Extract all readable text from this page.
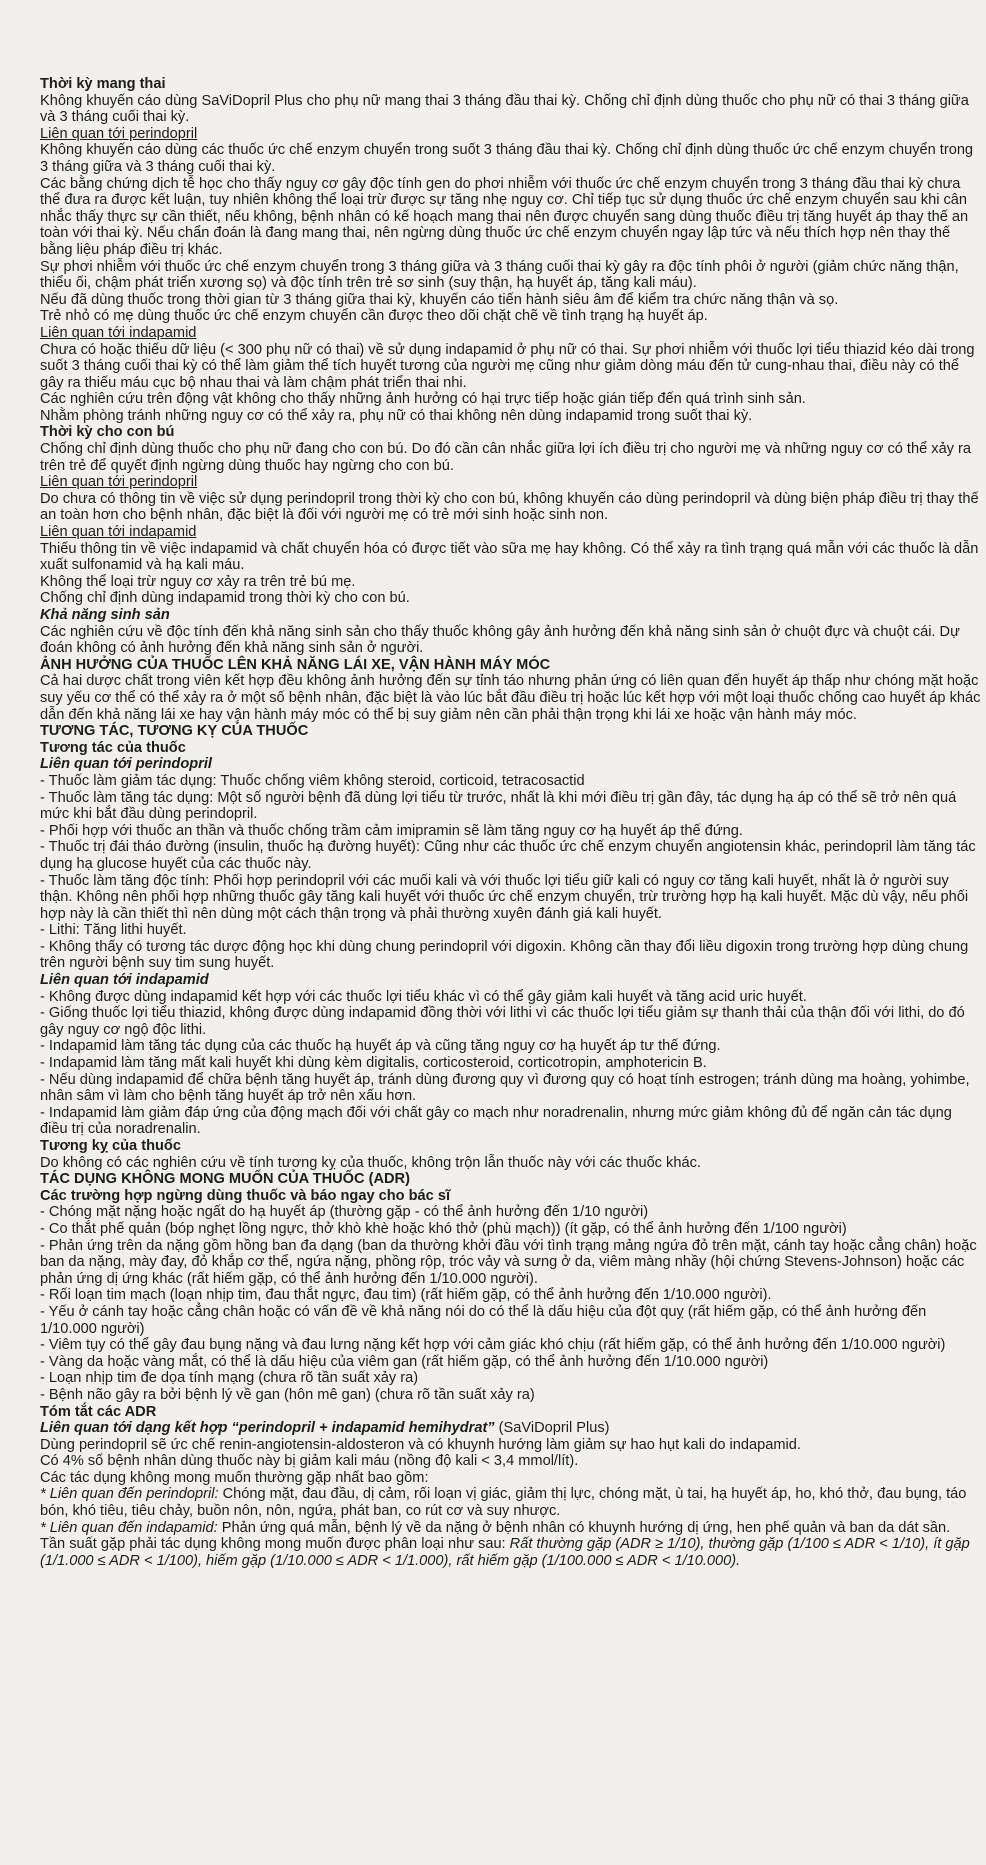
Thời kỳ mang thai

Không khuyến cáo dùng SaViDopril Plus cho phụ nữ mang thai 3 tháng đầu thai kỳ. Chống chỉ định dùng thuốc cho phụ nữ có thai 3 tháng giữa và 3 tháng cuối thai kỳ.

Liên quan tới perindopril

Không khuyến cáo dùng các thuốc ức chế enzym chuyển trong suốt 3 tháng đầu thai kỳ. Chống chỉ định dùng thuốc ức chế enzym chuyển trong 3 tháng giữa và 3 tháng cuối thai kỳ.

Các bằng chứng dịch tễ học cho thấy nguy cơ gây độc tính gen do phơi nhiễm với thuốc ức chế enzym chuyển trong 3 tháng đầu thai kỳ chưa thể đưa ra được kết luận, tuy nhiên không thể loại trừ được sự tăng nhẹ nguy cơ. Chỉ tiếp tục sử dụng thuốc ức chế enzym chuyển sau khi cân nhắc thấy thực sự cần thiết, nếu không, bệnh nhân có kế hoạch mang thai nên được chuyển sang dùng thuốc điều trị tăng huyết áp thay thế an toàn với thai kỳ. Nếu chẩn đoán là đang mang thai, nên ngừng dùng thuốc ức chế enzym chuyển ngay lập tức và nếu thích hợp nên thay thế bằng liệu pháp điều trị khác.

Sự phơi nhiễm với thuốc ức chế enzym chuyển trong 3 tháng giữa và 3 tháng cuối thai kỳ gây ra độc tính phôi ở người (giảm chức năng thận, thiểu ối, chậm phát triển xương sọ) và độc tính trên trẻ sơ sinh (suy thận, hạ huyết áp, tăng kali máu).

Nếu đã dùng thuốc trong thời gian từ 3 tháng giữa thai kỳ, khuyến cáo tiến hành siêu âm để kiểm tra chức năng thận và sọ.

Trẻ nhỏ có mẹ dùng thuốc ức chế enzym chuyển cần được theo dõi chặt chẽ về tình trạng hạ huyết áp.

Liên quan tới indapamid

Chưa có hoặc thiếu dữ liệu (< 300 phụ nữ có thai) về sử dụng indapamid ở phụ nữ có thai. Sự phơi nhiễm với thuốc lợi tiểu thiazid kéo dài trong suốt 3 tháng cuối thai kỳ có thể làm giảm thể tích huyết tương của người mẹ cũng như giảm dòng máu đến tử cung-nhau thai, điều này có thể gây ra thiếu máu cục bộ nhau thai và làm chậm phát triển thai nhi.

Các nghiên cứu trên động vật không cho thấy những ảnh hưởng có hại trực tiếp hoặc gián tiếp đến quá trình sinh sản.

Nhằm phòng tránh những nguy cơ có thể xảy ra, phụ nữ có thai không nên dùng indapamid trong suốt thai kỳ.

Thời kỳ cho con bú

Chống chỉ định dùng thuốc cho phụ nữ đang cho con bú. Do đó cần cân nhắc giữa lợi ích điều trị cho người mẹ và những nguy cơ có thể xảy ra trên trẻ để quyết định ngừng dùng thuốc hay ngừng cho con bú.

Liên quan tới perindopril

Do chưa có thông tin về việc sử dụng perindopril trong thời kỳ cho con bú, không khuyến cáo dùng perindopril và dùng biện pháp điều trị thay thế an toàn hơn cho bệnh nhân, đặc biệt là đối với người mẹ có trẻ mới sinh hoặc sinh non.

Liên quan tới indapamid

Thiếu thông tin về việc indapamid và chất chuyển hóa có được tiết vào sữa mẹ hay không. Có thể xảy ra tình trạng quá mẫn với các thuốc là dẫn xuất sulfonamid và hạ kali máu.

Không thể loại trừ nguy cơ xảy ra trên trẻ bú mẹ.

Chống chỉ định dùng indapamid trong thời kỳ cho con bú.

Khả năng sinh sản

Các nghiên cứu về độc tính đến khả năng sinh sản cho thấy thuốc không gây ảnh hưởng đến khả năng sinh sản ở chuột đực và chuột cái. Dự đoán không có ảnh hưởng đến khả năng sinh sản ở người.

ẢNH HƯỞNG CỦA THUỐC LÊN KHẢ NĂNG LÁI XE, VẬN HÀNH MÁY MÓC

Cả hai dược chất trong viên kết hợp đều không ảnh hưởng đến sự tỉnh táo nhưng phản ứng có liên quan đến huyết áp thấp như chóng mặt hoặc suy yếu cơ thể có thể xảy ra ở một số bệnh nhân, đặc biệt là vào lúc bắt đầu điều trị hoặc lúc kết hợp với một loại thuốc chống cao huyết áp khác dẫn đến khả năng lái xe hay vận hành máy móc có thể bị suy giảm nên cần phải thận trọng khi lái xe hoặc vận hành máy móc.

TƯƠNG TÁC, TƯƠNG KỴ CỦA THUỐC

Tương tác của thuốc

Liên quan tới perindopril

- Thuốc làm giảm tác dụng: Thuốc chống viêm không steroid, corticoid, tetracosactid

- Thuốc làm tăng tác dụng: Một số người bệnh đã dùng lợi tiểu từ trước, nhất là khi mới điều trị gần đây, tác dụng hạ áp có thể sẽ trở nên quá mức khi bắt đầu dùng perindopril.

- Phối hợp với thuốc an thần và thuốc chống trầm cảm imipramin sẽ làm tăng nguy cơ hạ huyết áp thế đứng.

- Thuốc trị đái tháo đường (insulin, thuốc hạ đường huyết): Cũng như các thuốc ức chế enzym chuyển angiotensin khác, perindopril làm tăng tác dụng hạ glucose huyết của các thuốc này.

- Thuốc làm tăng độc tính: Phối hợp perindopril với các muối kali và với thuốc lợi tiểu giữ kali có nguy cơ tăng kali huyết, nhất là ở người suy thận. Không nên phối hợp những thuốc gây tăng kali huyết với thuốc ức chế enzym chuyển, trừ trường hợp hạ kali huyết. Mặc dù vậy, nếu phối hợp này là cần thiết thì nên dùng một cách thận trọng và phải thường xuyên đánh giá kali huyết.

- Lithi: Tăng lithi huyết.

- Không thấy có tương tác dược động học khi dùng chung perindopril với digoxin. Không cần thay đổi liều digoxin trong trường hợp dùng chung trên người bệnh suy tim sung huyết.

Liên quan tới indapamid

- Không được dùng indapamid kết hợp với các thuốc lợi tiểu khác vì có thể gây giảm kali huyết và tăng acid uric huyết.

- Giống thuốc lợi tiểu thiazid, không được dùng indapamid đồng thời với lithi vì các thuốc lợi tiểu giảm sự thanh thải của thận đối với lithi, do đó gây nguy cơ ngộ độc lithi.

- Indapamid làm tăng tác dụng của các thuốc hạ huyết áp và cũng tăng nguy cơ hạ huyết áp tư thế đứng.

- Indapamid làm tăng mất kali huyết khi dùng kèm digitalis, corticosteroid, corticotropin, amphotericin B.

- Nếu dùng indapamid để chữa bệnh tăng huyết áp, tránh dùng đương quy vì đương quy có hoạt tính estrogen; tránh dùng ma hoàng, yohimbe, nhân sâm vì làm cho bệnh tăng huyết áp trở nên xấu hơn.

- Indapamid làm giảm đáp ứng của động mạch đối với chất gây co mạch như noradrenalin, nhưng mức giảm không đủ để ngăn cản tác dụng điều trị của noradrenalin.

Tương kỵ của thuốc

Do không có các nghiên cứu về tính tương kỵ của thuốc, không trộn lẫn thuốc này với các thuốc khác.

TÁC DỤNG KHÔNG MONG MUỐN CỦA THUỐC (ADR)

Các trường hợp ngừng dùng thuốc và báo ngay cho bác sĩ

- Chóng mặt nặng hoặc ngất do hạ huyết áp (thường gặp - có thể ảnh hưởng đến 1/10 người)

- Co thắt phế quản (bóp nghẹt lồng ngực, thở khò khè hoặc khó thở (phù mạch)) (ít gặp, có thể ảnh hưởng đến 1/100 người)

- Phản ứng trên da nặng gồm hồng ban đa dạng (ban da thường khởi đầu với tình trạng mảng ngứa đỏ trên mặt, cánh tay hoặc cẳng chân) hoặc ban da nặng, mày đay, đỏ khắp cơ thể, ngứa nặng, phồng rộp, tróc vảy và sưng ở da, viêm màng nhầy (hội chứng Stevens-Johnson) hoặc các phản ứng dị ứng khác (rất hiếm gặp, có thể ảnh hưởng đến 1/10.000 người).

- Rối loạn tim mạch (loạn nhịp tim, đau thắt ngực, đau tim) (rất hiếm gặp, có thể ảnh hưởng đến 1/10.000 người).

- Yếu ở cánh tay hoặc cẳng chân hoặc có vấn đề về khả năng nói do có thể là dấu hiệu của đột quỵ (rất hiếm gặp, có thể ảnh hưởng đến 1/10.000 người)

- Viêm tụy có thể gây đau bụng nặng và đau lưng nặng kết hợp với cảm giác khó chịu (rất hiếm gặp, có thể ảnh hưởng đến 1/10.000 người)

- Vàng da hoặc vàng mắt, có thể là dấu hiệu của viêm gan (rất hiếm gặp, có thể ảnh hưởng đến 1/10.000 người)

- Loạn nhịp tim đe dọa tính mạng (chưa rõ tần suất xảy ra)

- Bệnh não gây ra bởi bệnh lý về gan (hôn mê gan) (chưa rõ tần suất xảy ra)

Tóm tắt các ADR

Liên quan tới dạng kết hợp “perindopril + indapamid hemihydrat” (SaViDopril Plus)

Dùng perindopril sẽ ức chế renin-angiotensin-aldosteron và có khuynh hướng làm giảm sự hao hụt kali do indapamid.

Có 4% số bệnh nhân dùng thuốc này bị giảm kali máu (nồng độ kali < 3,4 mmol/lít).

Các tác dụng không mong muốn thường gặp nhất bao gồm:

* Liên quan đến perindopril: Chóng mặt, đau đầu, dị cảm, rối loạn vị giác, giảm thị lực, chóng mặt, ù tai, hạ huyết áp, ho, khó thở, đau bụng, táo bón, khó tiêu, tiêu chảy, buồn nôn, nôn, ngứa, phát ban, co rút cơ và suy nhược.

* Liên quan đến indapamid: Phản ứng quá mẫn, bệnh lý về da nặng ở bệnh nhân có khuynh hướng dị ứng, hen phế quản và ban da dát sần.

Tần suất gặp phải tác dụng không mong muốn được phân loại như sau: Rất thường gặp (ADR ≥ 1/10), thường gặp (1/100 ≤ ADR < 1/10), ít gặp (1/1.000 ≤ ADR < 1/100), hiếm gặp (1/10.000 ≤ ADR < 1/1.000), rất hiếm gặp (1/100.000 ≤ ADR < 1/10.000).
